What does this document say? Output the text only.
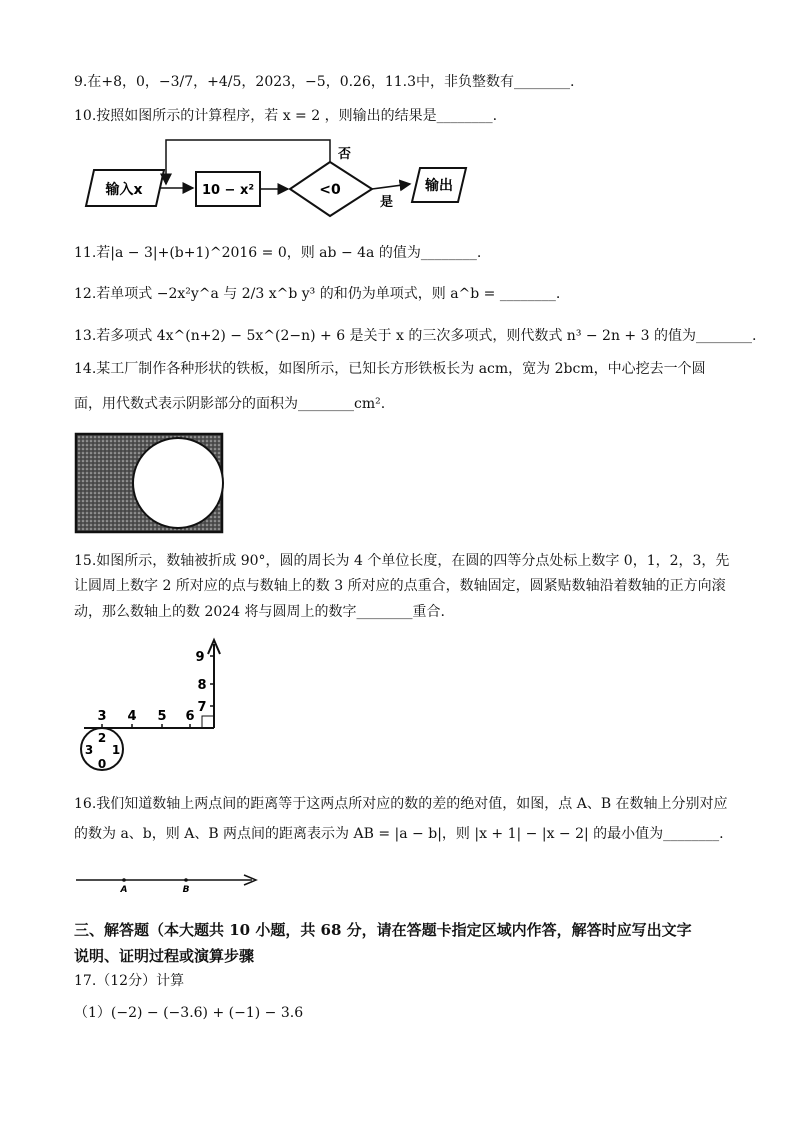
9.在+8，0，−3/7，+4/5，2023，−5，0.26，11.3中，非负整数有________.
10.按照如图所示的计算程序，若 x = 2 ，则输出的结果是________.
输入x	10 − x²	<0
否
是
输出
11.若|a − 3|+(b+1)^2016 = 0，则 ab − 4a 的值为________.
12.若单项式 −2x²y^a 与 2/3 x^b y³ 的和仍为单项式，则 a^b = ________.
13.若多项式 4x^(n+2) − 5x^(2−n) + 6 是关于 x 的三次多项式，则代数式 n³ − 2n + 3 的值为________.
14.某工厂制作各种形状的铁板，如图所示，已知长方形铁板长为 acm，宽为 2bcm，中心挖去一个圆
面，用代数式表示阴影部分的面积为________cm².
15.如图所示，数轴被折成 90°，圆的周长为 4 个单位长度，在圆的四等分点处标上数字 0，1，2，3，先
让圆周上数字 2 所对应的点与数轴上的数 3 所对应的点重合，数轴固定，圆紧贴数轴沿着数轴的正方向滚
动，那么数轴上的数 2024 将与圆周上的数字________重合.
3 4 5 6
7
8
9
2
3 1
0
16.我们知道数轴上两点间的距离等于这两点所对应的数的差的绝对值，如图，点 A、B 在数轴上分别对应
的数为 a、b，则 A、B 两点间的距离表示为 AB = |a − b|，则 |x + 1| − |x − 2| 的最小值为________.
A	B
三、解答题（本大题共 10 小题，共 68 分，请在答题卡指定区域内作答，解答时应写出文字
说明、证明过程或演算步骤
17.（12分）计算
（1）(−2) − (−3.6) + (−1) − 3.6
